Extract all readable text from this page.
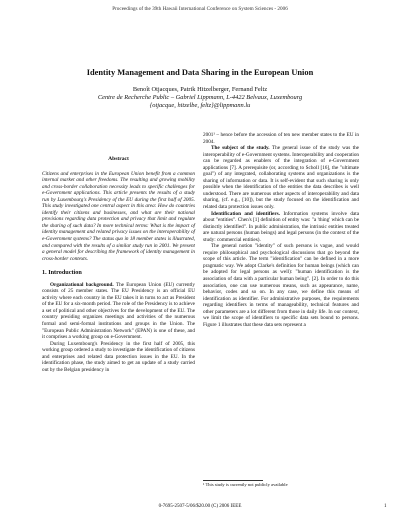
Proceedings of the 39th Hawaii International Conference on System Sciences - 2006
Identity Management and Data Sharing in the European Union
Benoît Otjacques, Patrik Hitzelberger, Fernand Feltz
Centre de Recherche Public – Gabriel Lippmann, L-4422 Belvaux, Luxembourg
{otjacque, hitzelbe, feltz}@lippmann.lu
Abstract

Citizens and enterprises in the European Union benefit from a common internal market and other freedoms. The resulting and growing mobility and cross-border collaboration necessity leads to specific challenges for e-Government applications. This article presents the results of a study run by Luxembourg's Presidency of the EU during the first half of 2005. This study investigated one central aspect in this area: How do countries identify their citizens and businesses, and what are their national provisions regarding data protection and privacy that limit and regulate the sharing of such data? In more technical terms: What is the impact of identity management and related privacy issues on the interoperability of e-Government systems? The status quo in 18 member states is illustrated, and compared with the results of a similar study run in 2001. We present a general model for describing the framework of identity management in cross-border contexts.

1. Introduction

Organizational background. The European Union (EU) currently consists of 25 member states. The EU Presidency is an official EU activity where each country in the EU takes it in turns to act as President of the EU for a six-month period. The role of the Presidency is to achieve a set of political and other objectives for the development of the EU. The country presiding organizes meetings and activities of the numerous formal and semi-formal institutions and groups in the Union. The "European Public Administration Network" (EPAN) is one of these, and it comprises a working group on e-Government.

During Luxembourg's Presidency in the first half of 2005, this working group ordered a study to investigate the identification of citizens and enterprises and related data protection issues in the EU. In the identification phase, the study aimed to get an update of a study carried out by the Belgian presidency in

2001¹ – hence before the accession of ten new member states to the EU in 2004.

The subject of the study. The general issue of the study was the interoperability of e-Government systems. Interoperability and cooperation can be regarded as enablers of the integration of e-Government applications [7]. A prerequisite (or, according to Scholl [16], the "ultimate goal") of any integrated, collaborating systems and organizations is the sharing of information or data. It is self-evident that such sharing is only possible when the identification of the entities the data describes is well understood. There are numerous other aspects of interoperability and data sharing, (cf. e.g., [10]), but the study focused on the identification and related data protection issues only.

Identification and identifiers. Information systems involve data about "entities". Chen's [1] definition of entity was: "a 'thing' which can be distinctly identified". In public administration, the intrinsic entities treated are natural persons (human beings) and legal persons (in the context of the study: commercial entities).

The general notion "identity" of such persons is vague, and would require philosophical and psychological discussions that go beyond the scope of this article. The term "identification" can be defined in a more pragmatic way. We adopt Clarke's definition for human beings (which can be adopted for legal persons as well): "human identification is the association of data with a particular human being". [2]. In order to do this association, one can use numerous means, such as appearance, name, behavior, codes and so on. In any case, we define this means of identification as identifier. For administrative purposes, the requirements regarding identifiers in terms of manageability, technical features and other parameters are a lot different from those in daily life. In our context, we limit the scope of identifiers to specific data sets bound to persons. Figure 1 illustrates that these data sets represent a

¹ This study is currently not publicly available
0-7695-2507-5/06/$20.00 (C) 2006 IEEE	1
